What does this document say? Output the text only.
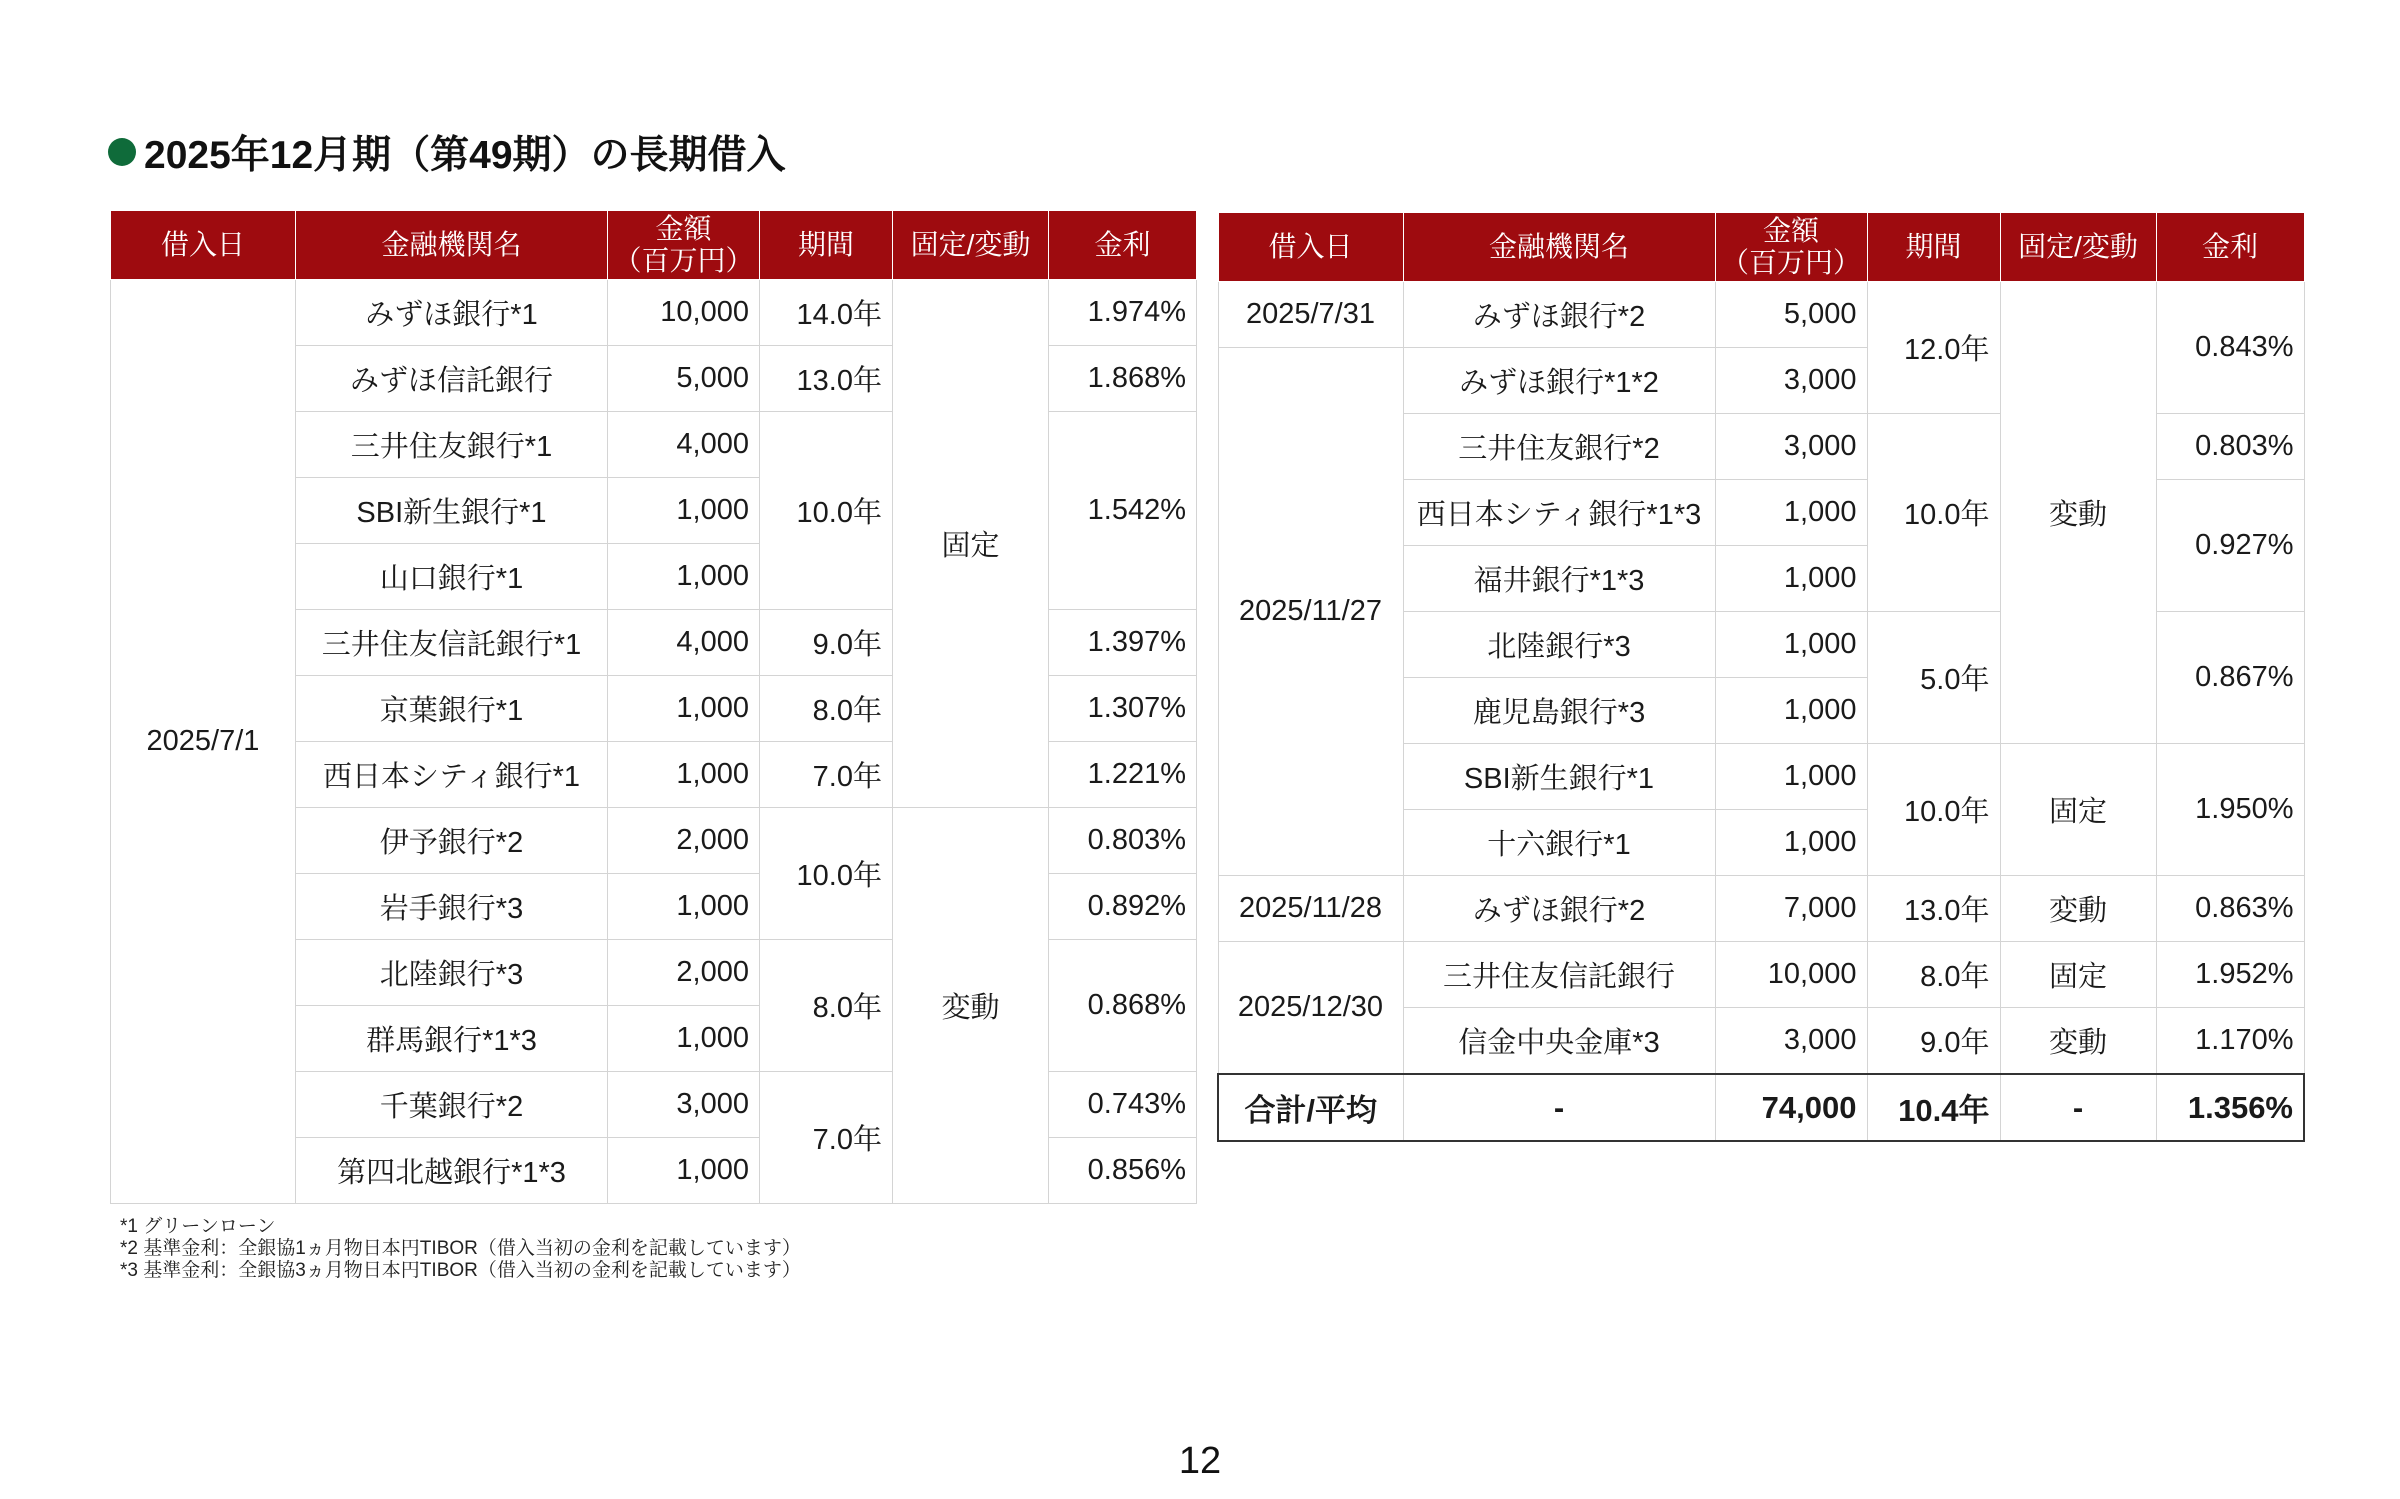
2025年12月期（第49期）の長期借入
借入日	金融機関名	金額
（百万円）	期間	固定/変動	金利
2025/7/1	みずほ銀行*1	10,000	14.0年	固定	1.974%
	みずほ信託銀行	5,000	13.0年		1.868%
	三井住友銀行*1	4,000	10.0年		1.542%
	SBI新生銀行*1	1,000			
	山口銀行*1	1,000			
	三井住友信託銀行*1	4,000	9.0年		1.397%
	京葉銀行*1	1,000	8.0年		1.307%
	西日本シティ銀行*1	1,000	7.0年		1.221%
	伊予銀行*2	2,000	10.0年	変動	0.803%
	岩手銀行*3	1,000			0.892%
	北陸銀行*3	2,000	8.0年		0.868%
	群馬銀行*1*3	1,000			
	千葉銀行*2	3,000	7.0年		0.743%
	第四北越銀行*1*3	1,000			0.856%
借入日	金融機関名	金額
（百万円）	期間	固定/変動	金利
2025/7/31	みずほ銀行*2	5,000	12.0年	変動	0.843%
2025/11/27	みずほ銀行*1*2	3,000			
	三井住友銀行*2	3,000	10.0年		0.803%
	西日本シティ銀行*1*3	1,000			0.927%
	福井銀行*1*3	1,000			
	北陸銀行*3	1,000	5.0年		0.867%
	鹿児島銀行*3	1,000			
	SBI新生銀行*1	1,000	10.0年	固定	1.950%
	十六銀行*1	1,000			
2025/11/28	みずほ銀行*2	7,000	13.0年	変動	0.863%
2025/12/30	三井住友信託銀行	10,000	8.0年	固定	1.952%
	信金中央金庫*3	3,000	9.0年	変動	1.170%
合計/平均	-	74,000	10.4年	-	1.356%
*1 グリーンローン
*2 基準金利：全銀協1ヵ月物日本円TIBOR（借入当初の金利を記載しています）
*3 基準金利：全銀協3ヵ月物日本円TIBOR（借入当初の金利を記載しています）
12
